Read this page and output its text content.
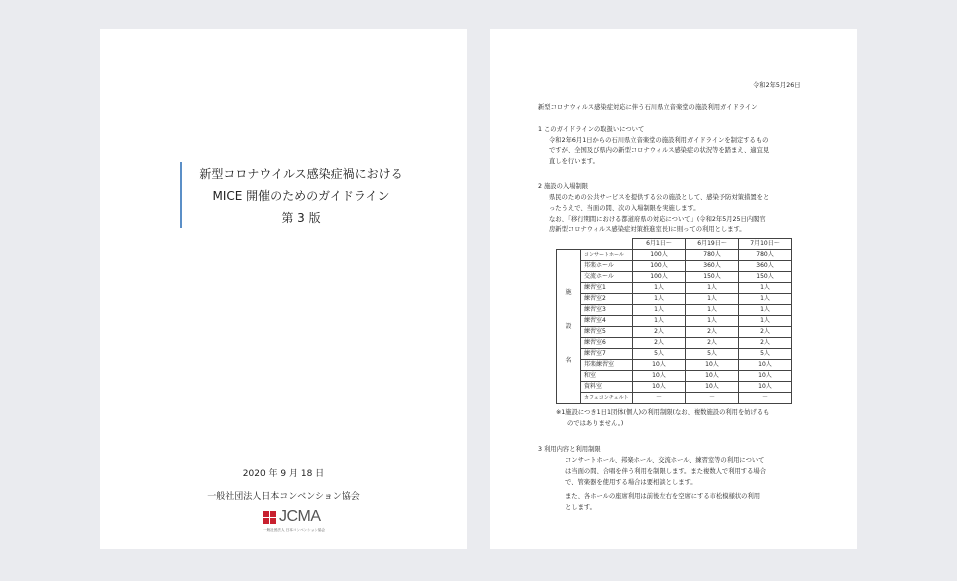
新型コロナウイルス感染症禍における
MICE 開催のためのガイドライン
第 3 版
2020 年 9 月 18 日
一般社団法人日本コンベンション協会
JCMA
一般社団法人 日本コンベンション協会
令和2年5月26日
新型コロナウィルス感染症対応に伴う石川県立音楽堂の施設利用ガイドライン
1 このガイドラインの取扱いについて
令和2年6月1日からの石川県立音楽堂の施設利用ガイドラインを制定するもの
ですが、全国及び県内の新型コロナウィルス感染症の状況等を踏まえ、適宜見
直しを行います。
2 施設の入場制限
県民のための公共サービスを提供する公の施設として、感染予防対策措置をと
ったうえで、当面の間、次の入場制限を実施します。
なお、「移行期間における都道府県の対応について」(令和2年5月25日内閣官
房新型コロナウィルス感染症対策推進室長)に則っての利用とします。
		6月1日～	6月19日～	7月10日～

施
設
名	コンサートホール	100人	780人	780人
	邦楽ホール	100人	360人	360人
	交流ホール	100人	150人	150人
	練習室1	1人	1人	1人
	練習室2	1人	1人	1人
	練習室3	1人	1人	1人
	練習室4	1人	1人	1人
	練習室5	2人	2人	2人
	練習室6	2人	2人	2人
	練習室7	5人	5人	5人
	邦楽練習室	10人	10人	10人
	和室	10人	10人	10人
	資料室	10人	10人	10人
	カフェコンチェルト	－	－	－
※1施設につき1日1団体(個人)の利用制限(なお、複数施設の利用を妨げるも
のではありません。)
3 利用内容と利用制限
コンサートホール、邦楽ホール、交流ホール、練習室等の利用について
は当面の間、合唱を伴う利用を制限します。また複数人で利用する場合
で、管楽器を使用する場合は要相談とします。
また、各ホールの座席利用は前後左右を空席にする市松模様状の利用
とします。
